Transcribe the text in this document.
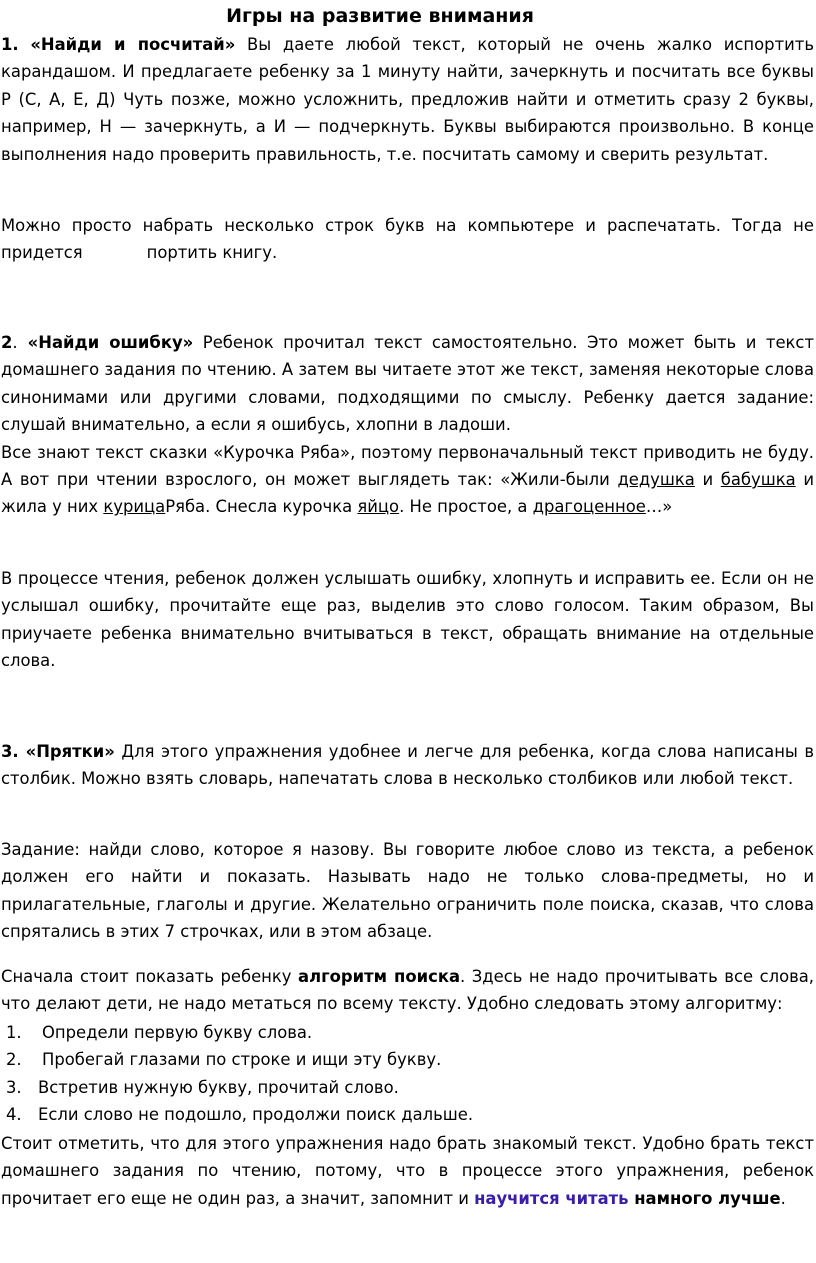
Игры на развитие внимания

1. «Найди и посчитай» Вы даете любой текст, который не очень жалко испортить карандашом. И предлагаете ребенку за 1 минуту найти, зачеркнуть и посчитать все буквы Р (С, А, Е, Д) Чуть позже, можно усложнить, предложив найти и отметить сразу 2 буквы, например, Н — зачеркнуть, а И — подчеркнуть. Буквы выбираются произвольно. В конце выполнения надо проверить правильность, т.е. посчитать самому и сверить результат.

Можно просто набрать несколько строк букв на компьютере и распечатать. Тогда не придется	портить книгу.

2. «Найди ошибку» Ребенок прочитал текст самостоятельно. Это может быть и текст домашнего задания по чтению. А затем вы читаете этот же текст, заменяя некоторые слова синонимами или другими словами, подходящими по смыслу. Ребенку дается задание: слушай внимательно, а если я ошибусь, хлопни в ладоши.
Все знают текст сказки «Курочка Ряба», поэтому первоначальный текст приводить не буду. А вот при чтении взрослого, он может выглядеть так: «Жили-были дедушка и бабушка и жила у них курицаРяба. Снесла курочка яйцо. Не простое, а драгоценное…»

В процессе чтения, ребенок должен услышать ошибку, хлопнуть и исправить ее. Если он не услышал ошибку, прочитайте еще раз, выделив это слово голосом. Таким образом, Вы приучаете ребенка внимательно вчитываться в текст, обращать внимание на отдельные слова.

3. «Прятки» Для этого упражнения удобнее и легче для ребенка, когда слова написаны в столбик. Можно взять словарь, напечатать слова в несколько столбиков или любой текст.

Задание: найди слово, которое я назову. Вы говорите любое слово из текста, а ребенок должен его найти и показать. Называть надо не только слова-предметы, но и прилагательные, глаголы и другие. Желательно ограничить поле поиска, сказав, что слова спрятались в этих 7 строчках, или в этом абзаце.

Сначала стоит показать ребенку алгоритм поиска. Здесь не надо прочитывать все слова, что делают дети, не надо метаться по всему тексту. Удобно следовать этому алгоритму:

1.	Определи первую букву слова.
2.	Пробегай глазами по строке и ищи эту букву.
3. Встретив нужную букву, прочитай слово.
4. Если слово не подошло, продолжи поиск дальше.

Стоит отметить, что для этого упражнения надо брать знакомый текст. Удобно брать текст домашнего задания по чтению, потому, что в процессе этого упражнения, ребенок прочитает его еще не один раз, а значит, запомнит и научится читать намного лучше.
